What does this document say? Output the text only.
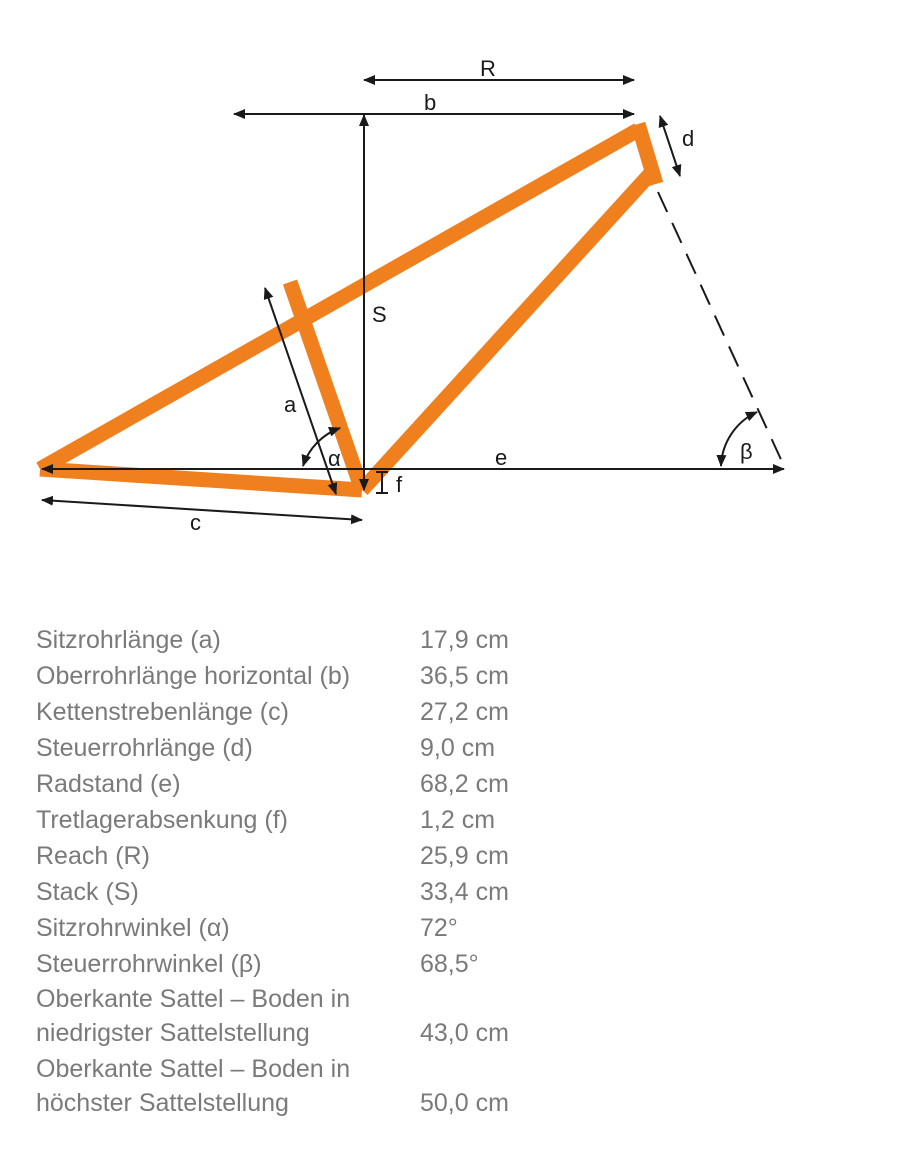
R
b
d
S
a
α
f
e	β
c
Sitzrohrlänge (a)	17,9 cm
Oberrohrlänge horizontal (b)	36,5 cm
Kettenstrebenlänge (c)	27,2 cm
Steuerrohrlänge (d)	9,0 cm
Radstand (e)	68,2 cm
Tretlagerabsenkung (f)	1,2 cm
Reach (R)	25,9 cm
Stack (S)	33,4 cm
Sitzrohrwinkel (α)	72°
Steuerrohrwinkel (β)	68,5°
Oberkante Sattel – Boden in
niedrigster Sattelstellung	43,0 cm
Oberkante Sattel – Boden in
höchster Sattelstellung	50,0 cm
